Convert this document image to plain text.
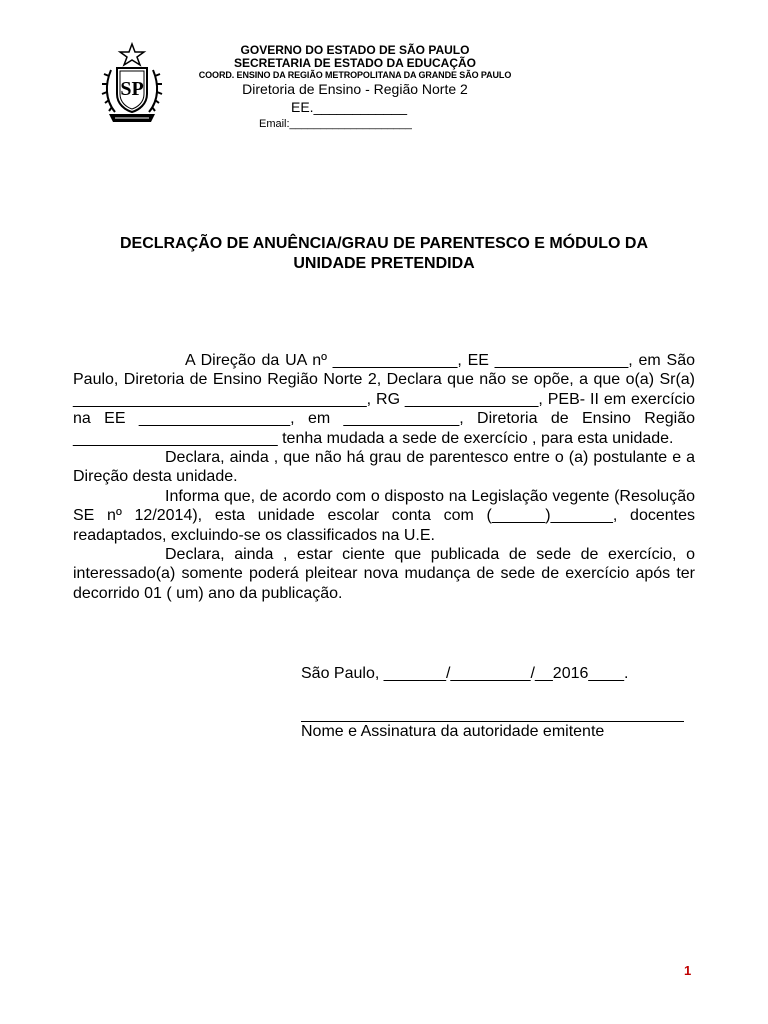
SP
GOVERNO DO ESTADO DE SÃO PAULO
SECRETARIA DE ESTADO DA EDUCAÇÃO
COORD. ENSINO DA REGIÃO METROPOLITANA DA GRANDE SÃO PAULO
Diretoria de Ensino - Região Norte 2
EE.____________
Email:____________________
DECLRAÇÃO DE ANUÊNCIA/GRAU DE PARENTESCO E MÓDULO DA
UNIDADE PRETENDIDA

A Direção da UA nº ______________, EE _______________, em São Paulo, Diretoria de Ensino Região Norte 2, Declara que não se opõe, a que o(a) Sr(a) _________________________________, RG _______________, PEB- II em exercício na EE _________________, em _____________, Diretoria de Ensino Região _______________________ tenha mudada a sede de exercício , para esta unidade.

Declara, ainda , que não há grau de parentesco entre o (a) postulante e a Direção desta unidade.

Informa que, de acordo com o disposto na Legislação vegente (Resolução SE nº 12/2014), esta unidade escolar conta com (______)_______, docentes readaptados, excluindo-se os classificados na U.E.

Declara, ainda , estar ciente que publicada de sede de exercício, o interessado(a) somente poderá pleitear nova mudança de sede de exercício após ter decorrido 01 ( um) ano da publicação.

São Paulo, _______/_________/__2016____.
Nome e Assinatura da autoridade emitente
1
